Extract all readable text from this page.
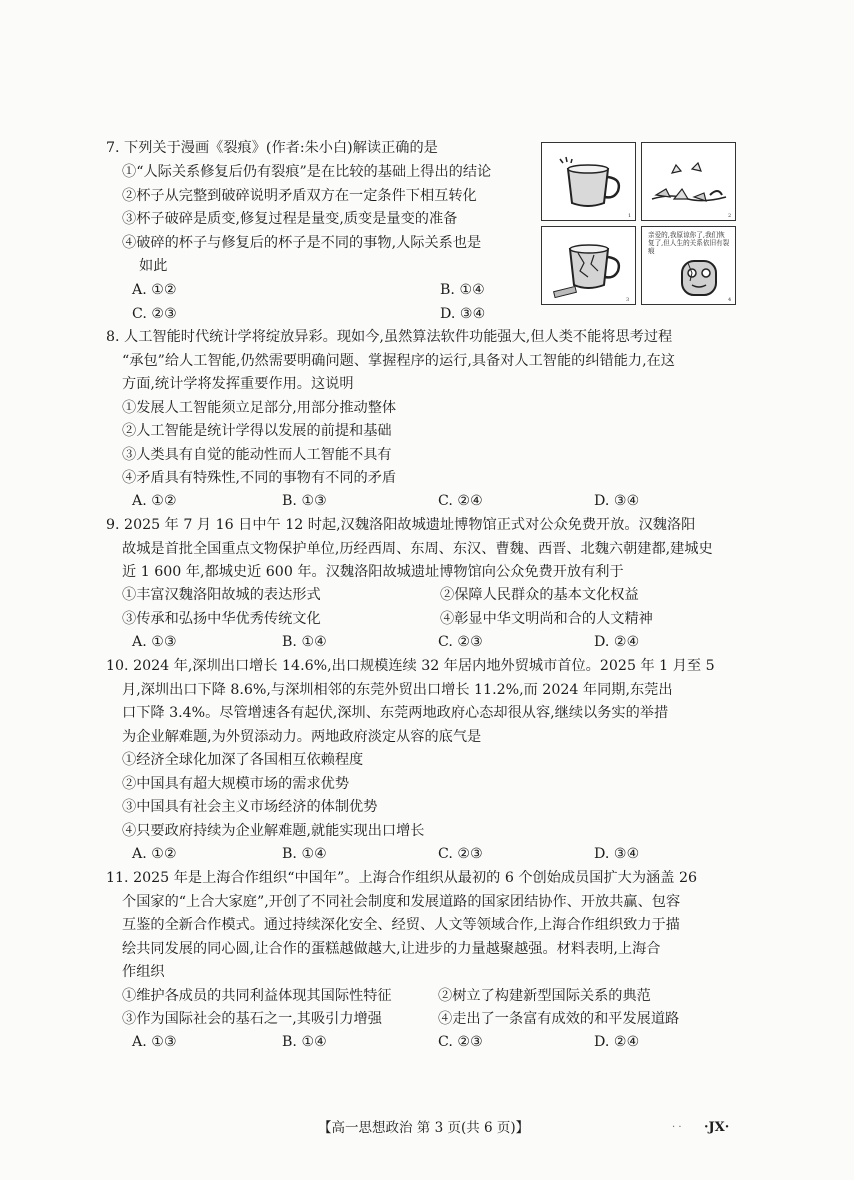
7. 下列关于漫画《裂痕》(作者:朱小白)解读正确的是
①“人际关系修复后仍有裂痕”是在比较的基础上得出的结论
②杯子从完整到破碎说明矛盾双方在一定条件下相互转化
③杯子破碎是质变,修复过程是量变,质变是量变的准备
④破碎的杯子与修复后的杯子是不同的事物,人际关系也是
如此
A. ①②	B. ①④
C. ②③	D. ③④
1	2
3	4
亲爱的,我原谅你了,我们恢复了,但人生的关系依旧有裂痕
8. 人工智能时代统计学将绽放异彩。现如今,虽然算法软件功能强大,但人类不能将思考过程
“承包”给人工智能,仍然需要明确问题、掌握程序的运行,具备对人工智能的纠错能力,在这
方面,统计学将发挥重要作用。这说明
①发展人工智能须立足部分,用部分推动整体
②人工智能是统计学得以发展的前提和基础
③人类具有自觉的能动性而人工智能不具有
④矛盾具有特殊性,不同的事物有不同的矛盾
A. ①②	B. ①③	C. ②④	D. ③④
9. 2025 年 7 月 16 日中午 12 时起,汉魏洛阳故城遗址博物馆正式对公众免费开放。汉魏洛阳
故城是首批全国重点文物保护单位,历经西周、东周、东汉、曹魏、西晋、北魏六朝建都,建城史
近 1 600 年,都城史近 600 年。汉魏洛阳故城遗址博物馆向公众免费开放有利于
①丰富汉魏洛阳故城的表达形式	②保障人民群众的基本文化权益
③传承和弘扬中华优秀传统文化	④彰显中华文明尚和合的人文精神
A. ①③	B. ①④	C. ②③	D. ②④
10. 2024 年,深圳出口增长 14.6%,出口规模连续 32 年居内地外贸城市首位。2025 年 1 月至 5
月,深圳出口下降 8.6%,与深圳相邻的东莞外贸出口增长 11.2%,而 2024 年同期,东莞出
口下降 3.4%。尽管增速各有起伏,深圳、东莞两地政府心态却很从容,继续以务实的举措
为企业解难题,为外贸添动力。两地政府淡定从容的底气是
①经济全球化加深了各国相互依赖程度
②中国具有超大规模市场的需求优势
③中国具有社会主义市场经济的体制优势
④只要政府持续为企业解难题,就能实现出口增长
A. ①②	B. ①④	C. ②③	D. ③④
11. 2025 年是上海合作组织“中国年”。上海合作组织从最初的 6 个创始成员国扩大为涵盖 26
个国家的“上合大家庭”,开创了不同社会制度和发展道路的国家团结协作、开放共赢、包容
互鉴的全新合作模式。通过持续深化安全、经贸、人文等领域合作,上海合作组织致力于描
绘共同发展的同心圆,让合作的蛋糕越做越大,让进步的力量越聚越强。材料表明,上海合
作组织
①维护各成员的共同利益体现其国际性特征	②树立了构建新型国际关系的典范
③作为国际社会的基石之一,其吸引力增强	④走出了一条富有成效的和平发展道路
A. ①③	B. ①④	C. ②③	D. ②④
【高一思想政治 第 3 页(共 6 页)】	· · ·JX·
